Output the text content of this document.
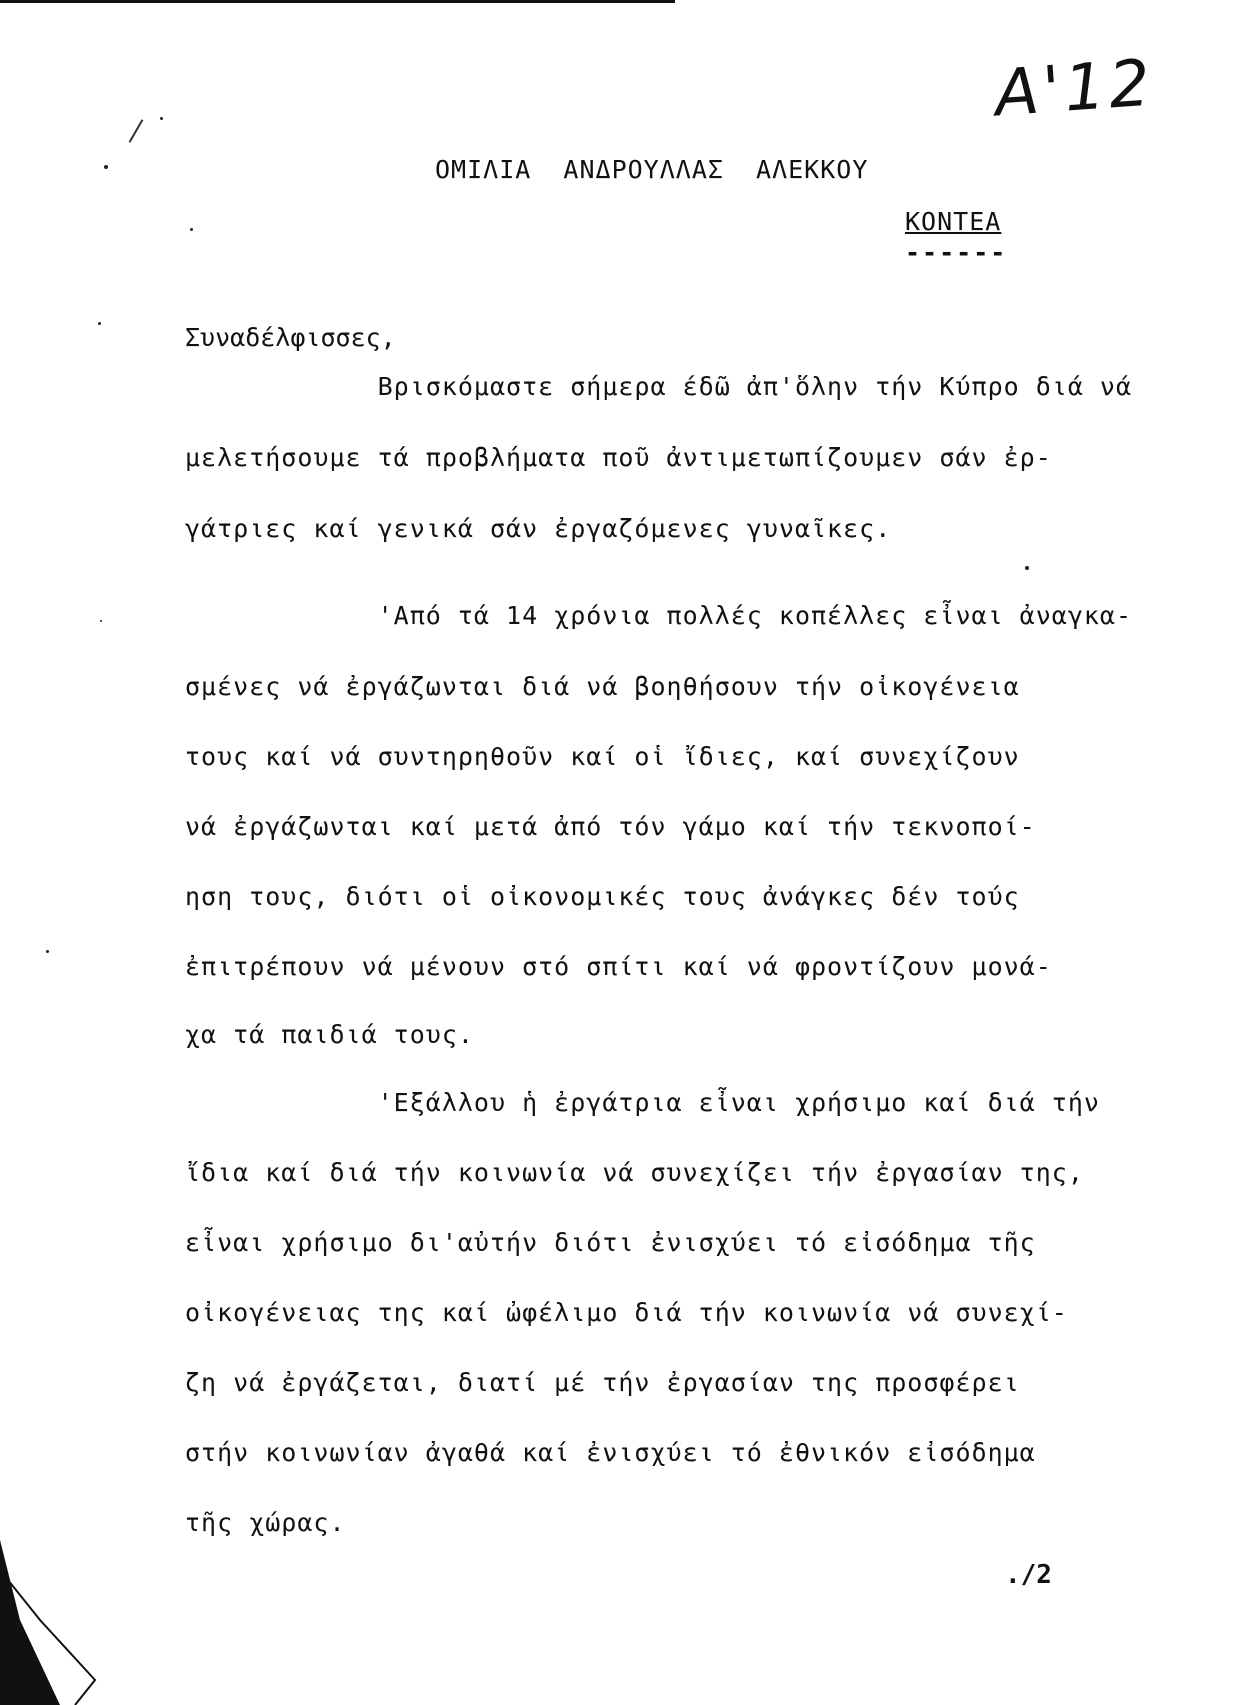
A'12
ΟΜΙΛΙΑ  ΑΝΔΡΟΥΛΛΑΣ  ΑΛΕΚΚΟΥ
ΚΟΝΤΕΑ
------
Συναδέλφισσες,
Βρισκόμαστε σήμερα έδῶ ἀπ'ὅλην τήν Κύπρο διά νά
μελετήσουμε τά προβλήματα ποῦ ἀντιμετωπίζουμεν σάν ἐρ-
γάτριες καί γενικά σάν ἐργαζόμενες γυναῖκες.
'Από τά 14 χρόνια πολλές κοπέλλες εἶναι ἀναγκα-
σμένες νά ἐργάζωνται διά νά βοηθήσουν τήν οἰκογένεια
τους καί νά συντηρηθοῦν καί οἱ ἴδιες, καί συνεχίζουν
νά ἐργάζωνται καί μετά ἀπό τόν γάμο καί τήν τεκνοποί-
ηση τους, διότι οἱ οἰκονομικές τους ἀνάγκες δέν τούς
ἐπιτρέπουν νά μένουν στό σπίτι καί νά φροντίζουν μονά-
χα τά παιδιά τους.
'Εξάλλου ἡ ἐργάτρια εἶναι χρήσιμο καί διά τήν
ἴδια καί διά τήν κοινωνία νά συνεχίζει τήν ἐργασίαν της,
εἶναι χρήσιμο δι'αὐτήν διότι ἐνισχύει τό εἰσόδημα τῆς
οἰκογένειας της καί ὠφέλιμο διά τήν κοινωνία νά συνεχί-
ζη νά ἐργάζεται, διατί μέ τήν ἐργασίαν της προσφέρει
στήν κοινωνίαν ἀγαθά καί ἐνισχύει τό ἐθνικόν εἰσόδημα
τῆς χώρας.
./2
